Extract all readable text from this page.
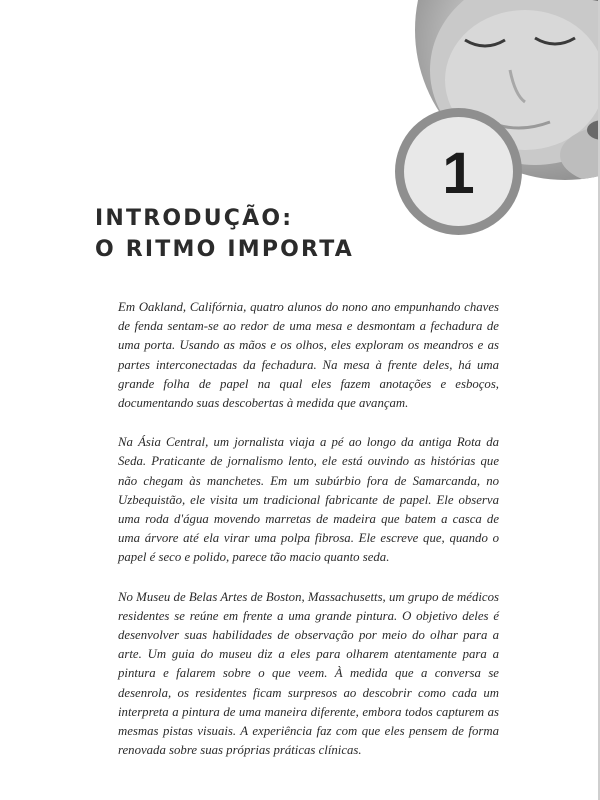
1
INTRODUÇÃO:
O RITMO IMPORTA

Em Oakland, Califórnia, quatro alunos do nono ano empunhando chaves de fenda sentam-se ao redor de uma mesa e desmontam a fechadura de uma porta. Usando as mãos e os olhos, eles exploram os meandros e as partes interconectadas da fechadura. Na mesa à frente deles, há uma grande folha de papel na qual eles fazem anotações e esboços, documentando suas descobertas à medida que avançam.

Na Ásia Central, um jornalista viaja a pé ao longo da antiga Rota da Seda. Praticante de jornalismo lento, ele está ouvindo as histórias que não chegam às manchetes. Em um subúrbio fora de Samarcanda, no Uzbequistão, ele visita um tradicional fabricante de papel. Ele observa uma roda d'água movendo marretas de madeira que batem a casca de uma árvore até ela virar uma polpa fibrosa. Ele escreve que, quando o papel é seco e polido, parece tão macio quanto seda.

No Museu de Belas Artes de Boston, Massachusetts, um grupo de médicos residentes se reúne em frente a uma grande pintura. O objetivo deles é desenvolver suas habilidades de observação por meio do olhar para a arte. Um guia do museu diz a eles para olharem atentamente para a pintura e falarem sobre o que veem. À medida que a conversa se desenrola, os residentes ficam surpresos ao descobrir como cada um interpreta a pintura de uma maneira diferente, embora todos capturem as mesmas pistas visuais. A experiência faz com que eles pensem de forma renovada sobre suas próprias práticas clínicas.
